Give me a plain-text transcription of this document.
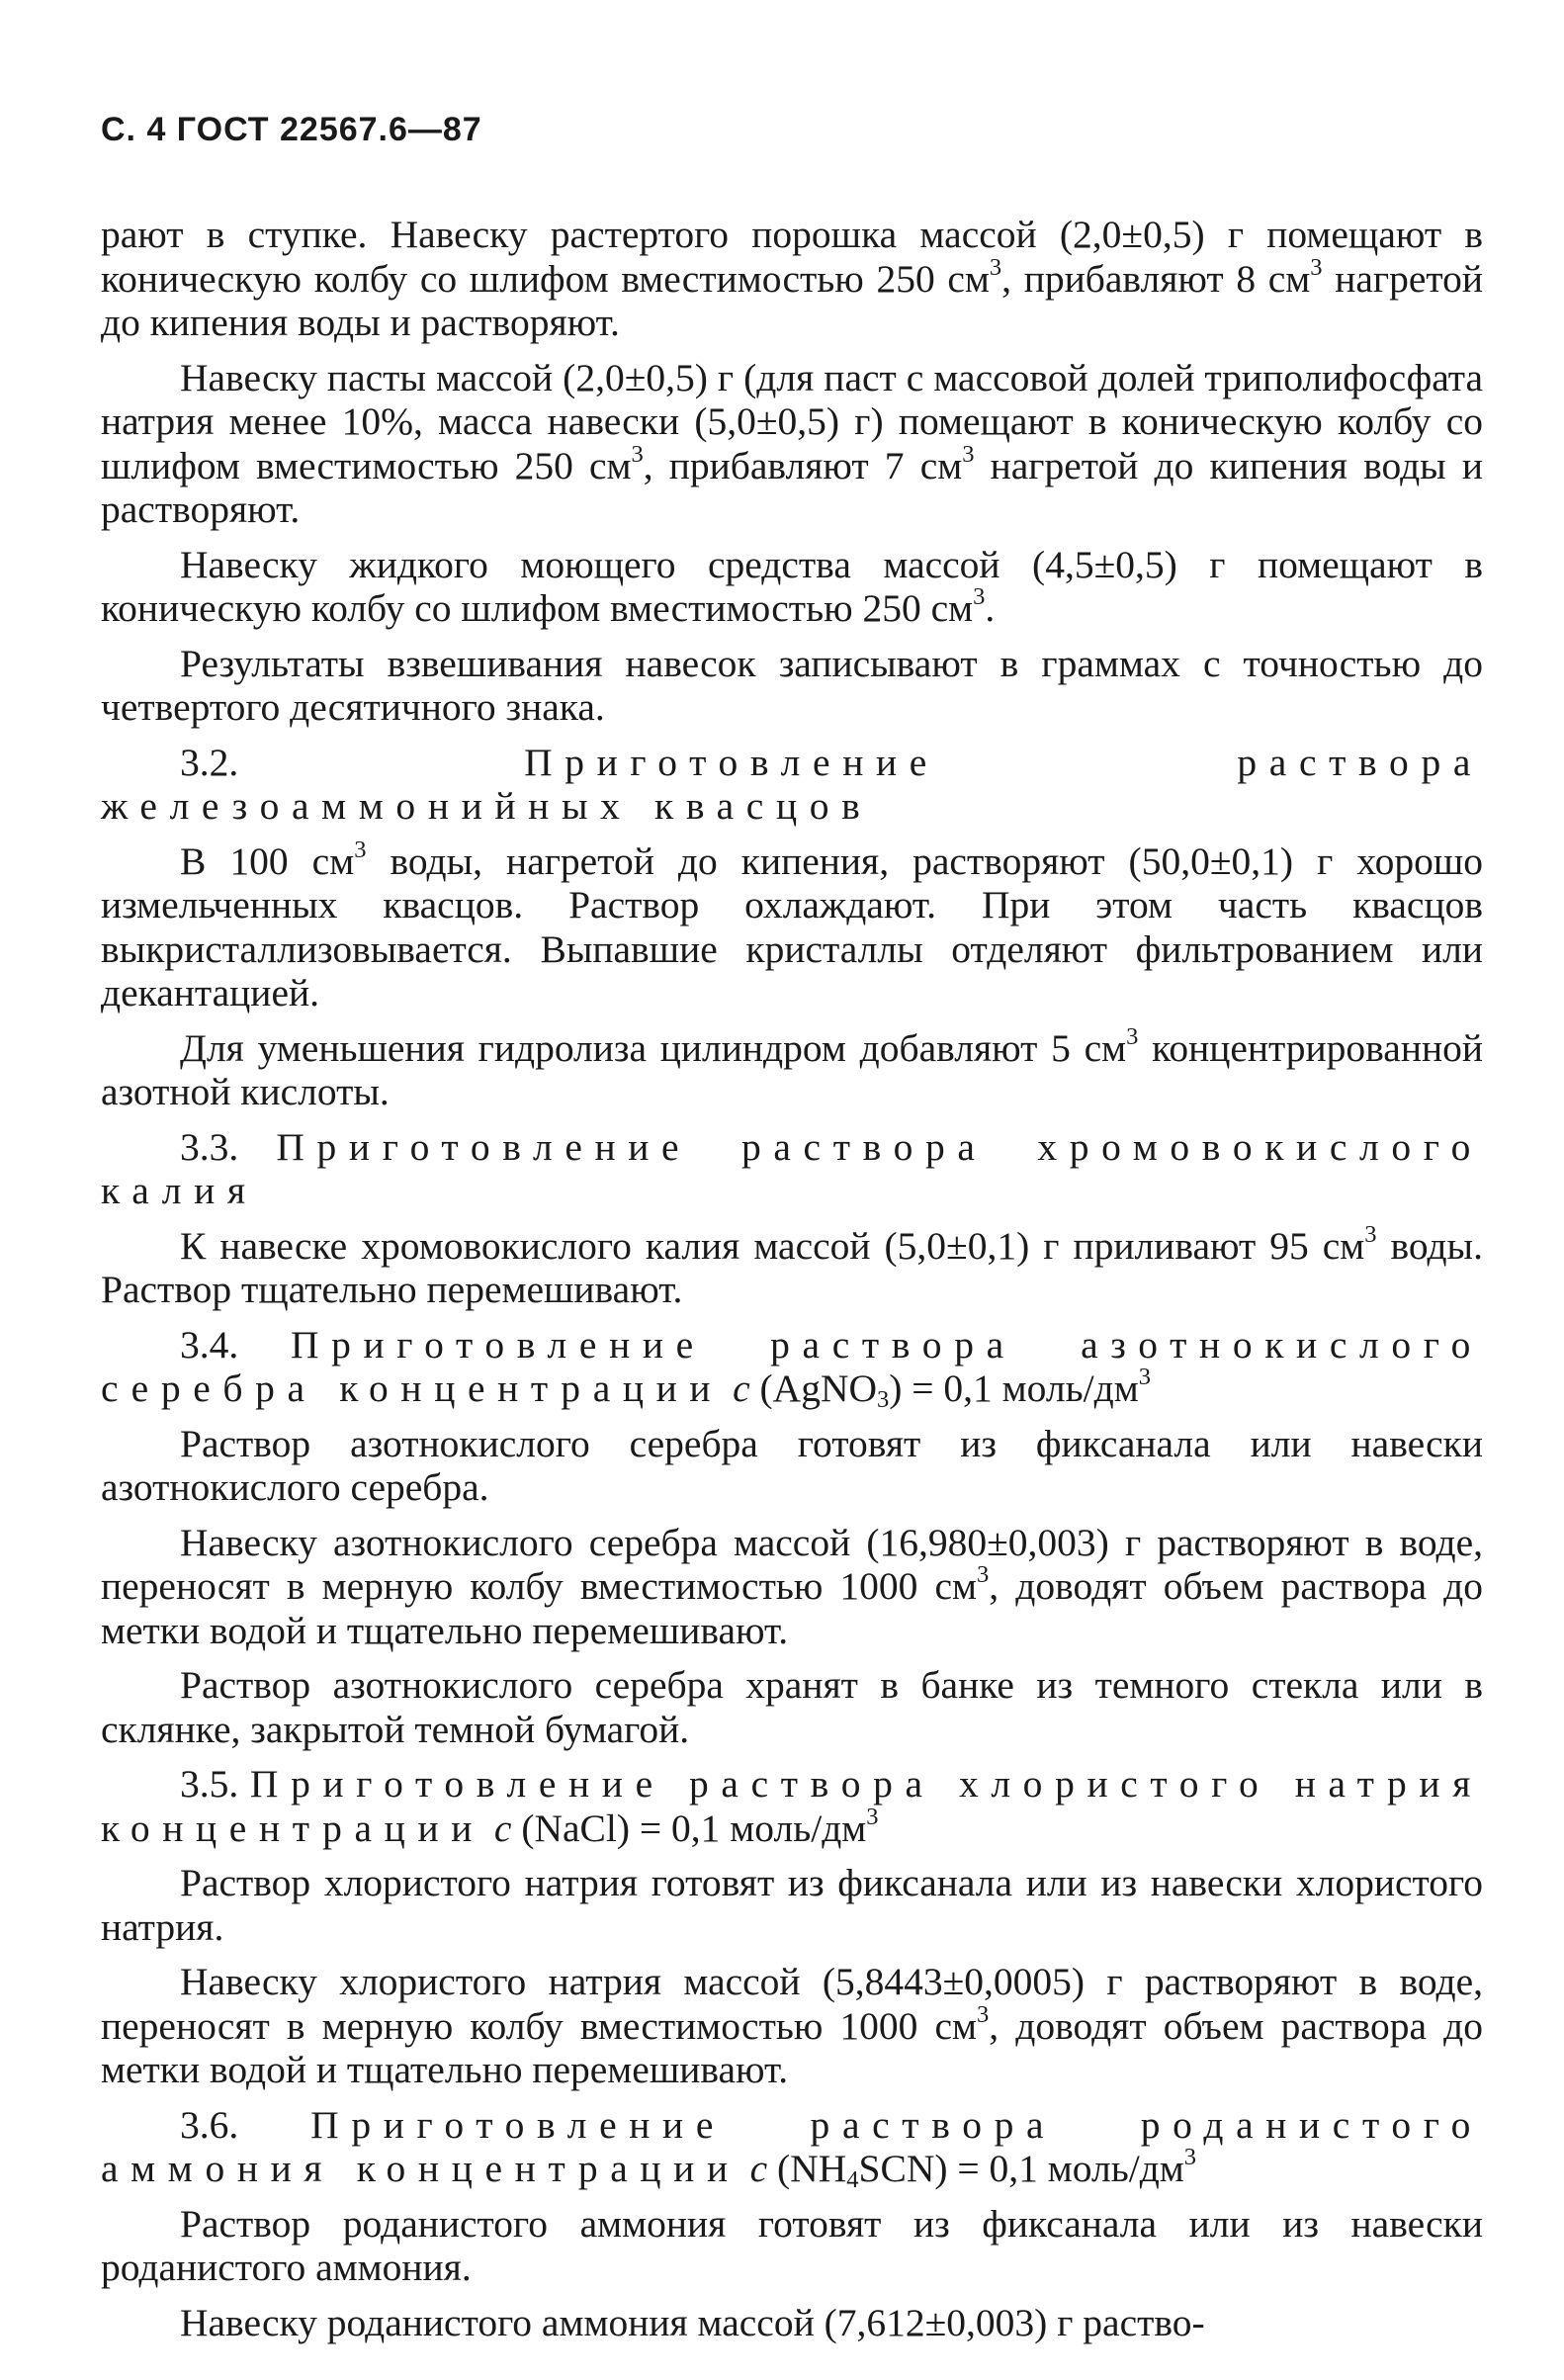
С. 4 ГОСТ 22567.6—87

рают в ступке. Навеску растертого порошка массой (2,0±0,5) г помещают в коническую колбу со шлифом вместимостью 250 $см^3$, прибавляют 8 $см^3$ нагретой до кипения воды и растворяют.

Навеску пасты массой (2,0±0,5) г (для паст с массовой долей триполифосфата натрия менее 10%, масса навески (5,0±0,5) г) помещают в коническую колбу со шлифом вместимостью 250 $см^3$, прибавляют 7 $см^3$ нагретой до кипения воды и растворяют.

Навеску жидкого моющего средства массой (4,5±0,5) г помещают в коническую колбу со шлифом вместимостью 250 $см^3$.

Результаты взвешивания навесок записывают в граммах с точностью до четвертого десятичного знака.

3.2.	Приготовление раствора железоаммонийных квасцов

В 100 $см^3$ воды, нагретой до кипения, растворяют (50,0±0,1) г хорошо измельченных квасцов. Раствор охлаждают. При этом часть квасцов выкристаллизовывается. Выпавшие кристаллы отделяют фильтрованием или декантацией.

Для уменьшения гидролиза цилиндром добавляют 5 $см^3$ концентрированной азотной кислоты.

3.3. Приготовление раствора хромовокислого калия

К навеске хромовокислого калия массой (5,0±0,1) г приливают 95 $см^3$ воды. Раствор тщательно перемешивают.

3.4. Приготовление раствора азотнокислого серебра концентрации c (AgNO$_3$) = 0,1 моль/$дм^3$

Раствор азотнокислого серебра готовят из фиксанала или навески азотнокислого серебра.

Навеску азотнокислого серебра массой (16,980±0,003) г растворяют в воде, переносят в мерную колбу вместимостью 1000 $см^3$, доводят объем раствора до метки водой и тщательно перемешивают.

Раствор азотнокислого серебра хранят в банке из темного стекла или в склянке, закрытой темной бумагой.

3.5. Приготовление раствора хлористого натрия концентрации c (NaCl) = 0,1 моль/$дм^3$

Раствор хлористого натрия готовят из фиксанала или из навески хлористого натрия.

Навеску хлористого натрия массой (5,8443±0,0005) г растворяют в воде, переносят в мерную колбу вместимостью 1000 $см^3$, доводят объем раствора до метки водой и тщательно перемешивают.

3.6. Приготовление раствора роданистого аммония концентрации c $(NH_4SCN) = 0,1$ моль/$дм^3$

Раствор роданистого аммония готовят из фиксанала или из навески роданистого аммония.

Навеску роданистого аммония массой (7,612±0,003) г раство-
